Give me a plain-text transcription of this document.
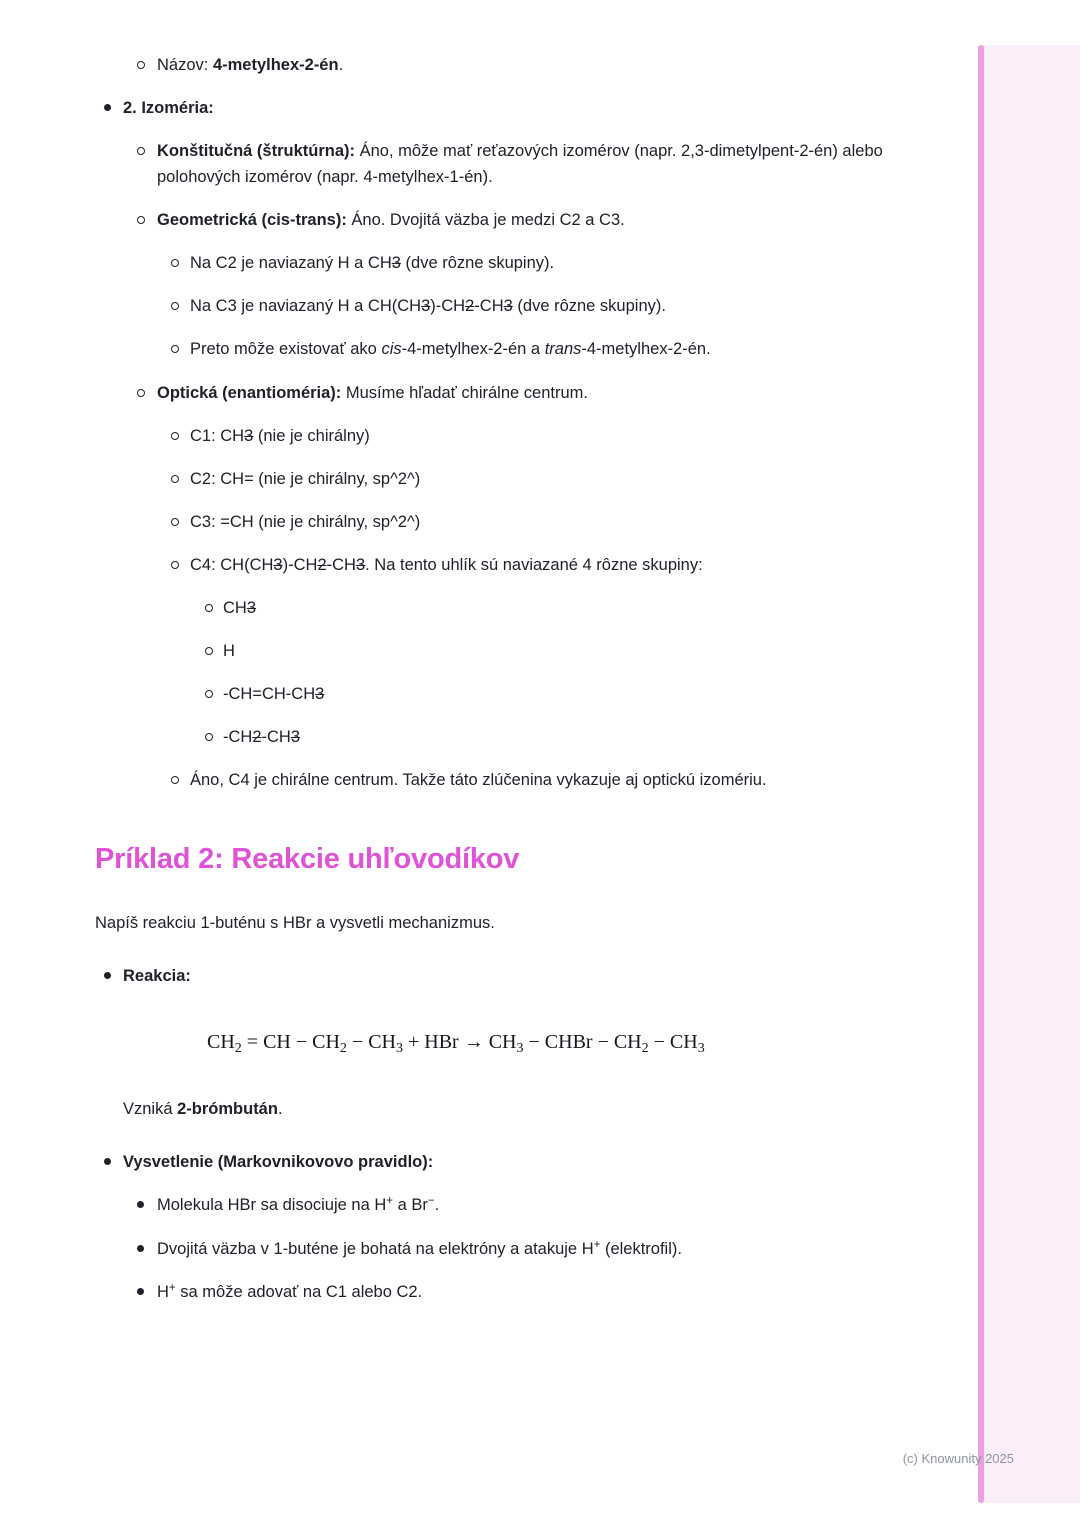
Názov: 4-metylhex-2-én.
2. Izoméria:
Konštitučná (štruktúrna): Áno, môže mať reťazových izomérov (napr. 2,3-dimetylpent-2-én) alebo polohových izomérov (napr. 4-metylhex-1-én).
Geometrická (cis-trans): Áno. Dvojitá väzba je medzi C2 a C3.
Na C2 je naviazaný H a CH3 (dve rôzne skupiny).
Na C3 je naviazaný H a CH(CH3)-CH2-CH3 (dve rôzne skupiny).
Preto môže existovať ako cis-4-metylhex-2-én a trans-4-metylhex-2-én.
Optická (enantioméria): Musíme hľadať chirálne centrum.
C1: CH3 (nie je chirálny)
C2: CH= (nie je chirálny, sp^2^)
C3: =CH (nie je chirálny, sp^2^)
C4: CH(CH3)-CH2-CH3. Na tento uhlík sú naviazané 4 rôzne skupiny:
CH3
H
-CH=CH-CH3
-CH2-CH3
Áno, C4 je chirálne centrum. Takže táto zlúčenina vykazuje aj optickú izomériu.
Príklad 2: Reakcie uhľovodíkov

Napíš reakciu 1-buténu s HBr a vysvetli mechanizmus.

Reakcia:
$CH_2$ = CH − $CH_2 - CH_3$ + HBr → $CH_3$ − CHBr − $CH_2 - CH_3$

Vzniká 2-brómbután.

Vysvetlenie (Markovnikovovo pravidlo):
Molekula HBr sa disociuje na H+ a Br−.
Dvojitá väzba v 1-buténe je bohatá na elektróny a atakuje H+ (elektrofil).
H+ sa môže adovať na C1 alebo C2.
(c) Knowunity 2025
